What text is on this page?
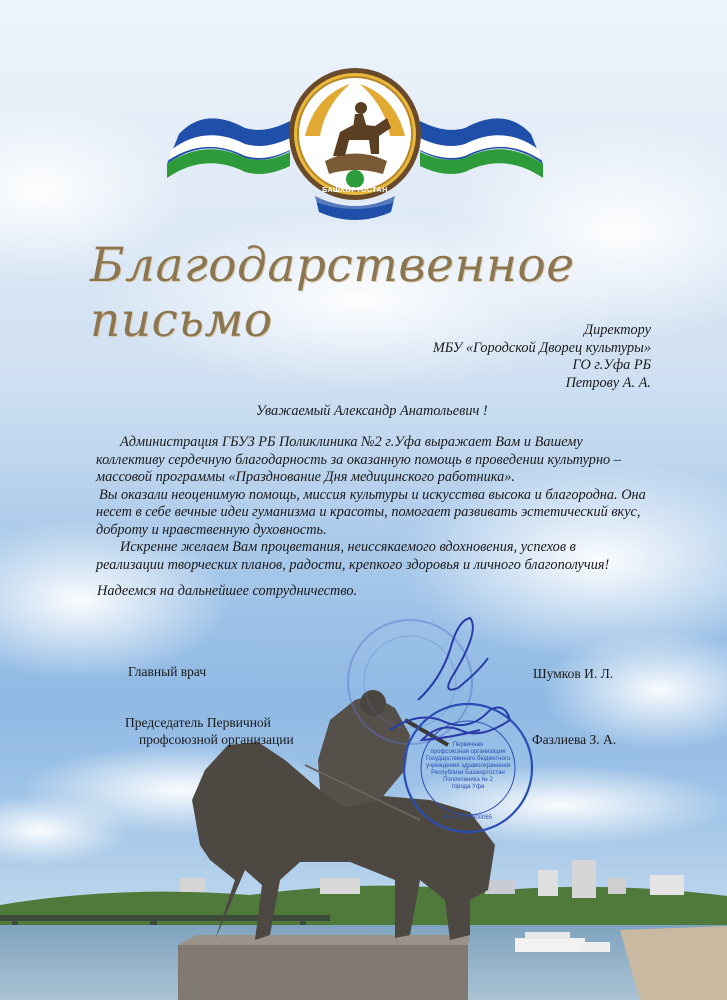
БАШКОРТОСТАН
Благодарственное письмо	Директору
МБУ «Городской Дворец культуры»
ГО г.Уфа РБ
Петрову А. А.
Уважаемый Александр Анатольевич !

Администрация ГБУЗ РБ Поликлиника №2 г.Уфа выражает Вам и Вашему

коллективу сердечную благодарность за оказанную помощь в проведении культурно –

массовой программы «Празднование Дня медицинского работника».

Вы оказали неоценимую помощь, миссия культуры и искусства высока и благородна. Она

несет в себе вечные идеи гуманизма и красоты, помогает развивать эстетический вкус,

доброту и нравственную духовность.

Искренне желаем Вам процветания, неиссякаемого вдохновения, успехов в

реализации творческих планов, радости, крепкого здоровья и личного благополучия!

Надеемся на дальнейшее сотрудничество.
Первичная
профсоюзная организация
Государственного бюджетного
учреждения здравоохранения
Республики Башкортостан
Поликлиника № 2
города Уфа
ИНН 0277900065
Главный врач	Шумков И. Л.
Председатель Первичной
профсоюзной организации	Фазлиева З. А.
